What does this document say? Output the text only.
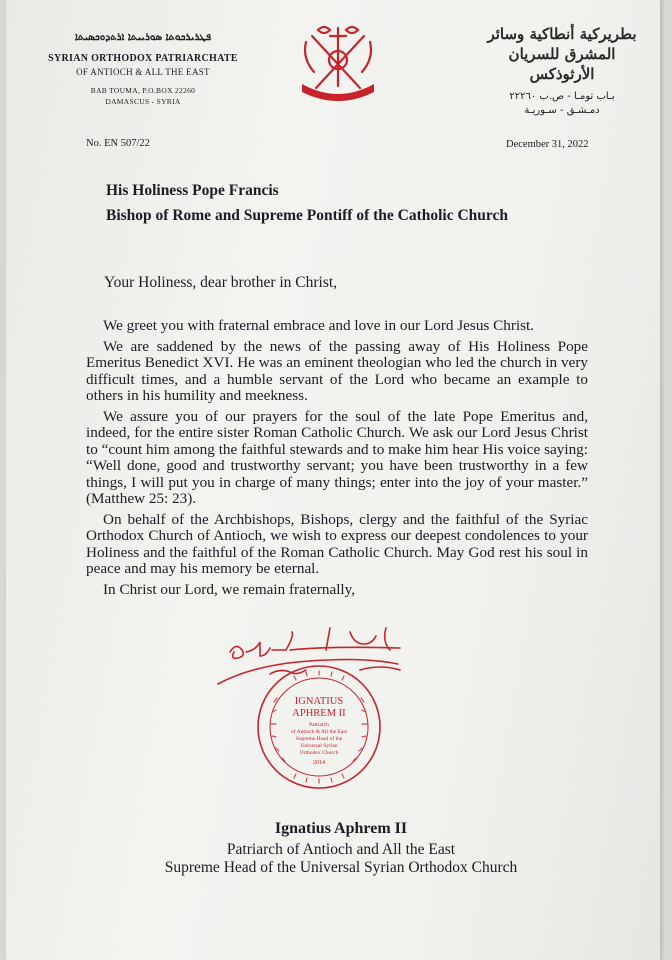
ܦܛܪܝܪܟܘܬܐ ܣܘܪܝܝܬܐ ܐܪܬܕܘܟܣܝܬܐ
SYRIAN ORTHODOX PATRIARCHATE
OF ANTIOCH & ALL THE EAST
BAB TOUMA, P.O.BOX 22260
DAMASCUS - SYRIA
بطريركية أنطاكية وسائر المشرق للسريان الأرثوذكس
بـاب تومـا - ص.ب ٢٢٢٦٠
دمـشـق - سـوريـة
No. EN 507/22	December 31, 2022
His Holiness Pope Francis
Bishop of Rome and Supreme Pontiff of the Catholic Church
Your Holiness, dear brother in Christ,

We greet you with fraternal embrace and love in our Lord Jesus Christ.

We are saddened by the news of the passing away of His Holiness Pope Emeritus Benedict XVI. He was an eminent theologian who led the church in very difficult times, and a humble servant of the Lord who became an example to others in his humility and meekness.

We assure you of our prayers for the soul of the late Pope Emeritus and, indeed, for the entire sister Roman Catholic Church. We ask our Lord Jesus Christ to “count him among the faithful stewards and to make him hear His voice saying: “Well done, good and trustworthy servant; you have been trustworthy in a few things, I will put you in charge of many things; enter into the joy of your master.” (Matthew 25: 23).

On behalf of the Archbishops, Bishops, clergy and the faithful of the Syriac Orthodox Church of Antioch, we wish to express our deepest condolences to your Holiness and the faithful of the Roman Catholic Church. May God rest his soul in peace and may his memory be eternal.

In Christ our Lord, we remain fraternally,

IGNATIUS
APHREM II
Patriarch
of Antioch & All the East
Supreme Head of the
Universal Syrian
Orthodox Church
2014
Ignatius Aphrem II
Patriarch of Antioch and All the East
Supreme Head of the Universal Syrian Orthodox Church
